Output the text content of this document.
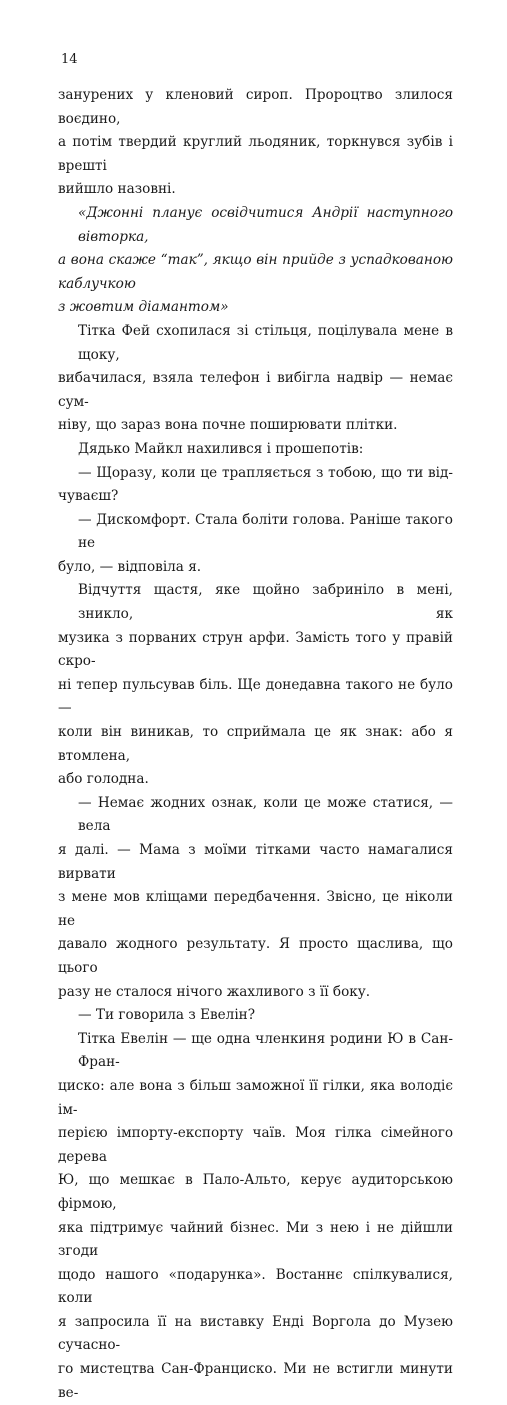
14

занурених у кленовий сироп. Пророцтво злилося воєдино,

а потім твердий круглий льодяник, торкнувся зубів і врешті

вийшло назовні.

«Джонні планує освідчитися Андрії наступного вівторка,

а вона скаже “так”, якщо він прийде з успадкованою каблучкою

з жовтим діамантом»

Тітка Фей схопилася зі стільця, поцілувала мене в щоку,

вибачилася, взяла телефон і вибігла надвір — немає сум-

ніву, що зараз вона почне поширювати плітки.

Дядько Майкл нахилився і прошепотів:

— Щоразу, коли це трапляється з тобою, що ти від-

чуваєш?

— Дискомфорт. Стала боліти голова. Раніше такого не

було, — відповіла я.

Відчуття щастя, яке щойно забриніло в мені, зникло, як

музика з порваних струн арфи. Замість того у правій скро-

ні тепер пульсував біль. Ще донедавна такого не було —

коли він виникав, то сприймала це як знак: або я втомлена,

або голодна.

— Немає жодних ознак, коли це може статися, — вела

я далі. — Мама з моїми тітками часто намагалися вирвати

з мене мов кліщами передбачення. Звісно, це ніколи не

давало жодного результату. Я просто щаслива, що цього

разу не сталося нічого жахливого з її боку.

— Ти говорила з Евелін?

Тітка Евелін — ще одна членкиня родини Ю в Сан-Фран-

циско: але вона з більш заможної її гілки, яка володіє ім-

перією імпорту-експорту чаїв. Моя гілка сімейного дерева

Ю, що мешкає в Пало-Альто, керує аудиторською фірмою,

яка підтримує чайний бізнес. Ми з нею і не дійшли згоди

щодо нашого «подарунка». Востаннє спілкувалися, коли

я запросила її на виставку Енді Воргола до Музею сучасно-

го мистецтва Сан-Франциско. Ми не встигли минути ве-
